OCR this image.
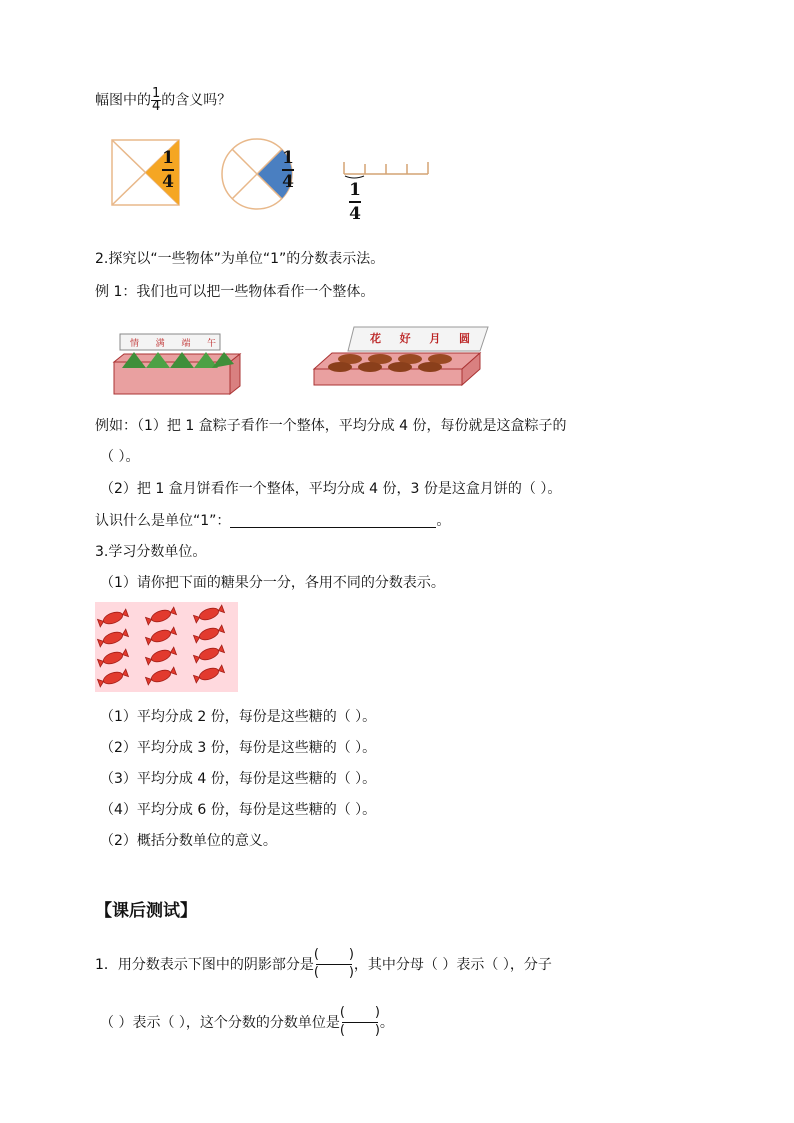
幅图中的 $\frac{1}{4}$ 的含义吗？
1
4
1
4	1
4
2.探究以“一些物体”为单位“1”的分数表示法。
例 1：我们也可以把一些物体看作一个整体。
情 满 端 午	花 好 月 圆
例如：（1）把 1 盒粽子看作一个整体，平均分成 4 份，每份就是这盒粽子的
（ ）。
（2）把 1 盒月饼看作一个整体，平均分成 4 份，3 份是这盒月饼的（ ）。
认识什么是单位“1”：	。
3.学习分数单位。
（1）请你把下面的糖果分一分，各用不同的分数表示。
（1）平均分成 2 份，每份是这些糖的（ ）。
（2）平均分成 3 份，每份是这些糖的（ ）。
（3）平均分成 4 份，每份是这些糖的（ ）。
（4）平均分成 6 份，每份是这些糖的（ ）。
（2）概括分数单位的意义。
【课后测试】
1．用分数表示下图中的阴影部分是
( )
( ) ，其中分母（ ）表示（ ），分子
（ ）表示（ ），这个分数的分数单位是
( )
( ) 。
